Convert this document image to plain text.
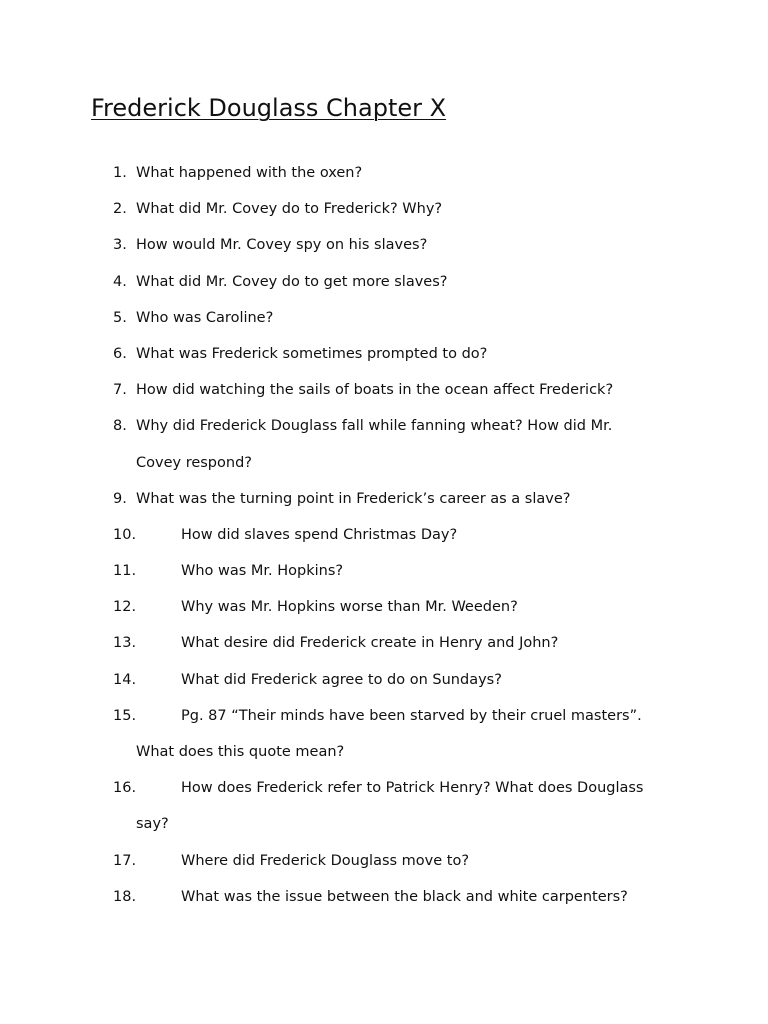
Frederick Douglass Chapter X
1. What happened with the oxen?
2. What did Mr. Covey do to Frederick? Why?
3. How would Mr. Covey spy on his slaves?
4. What did Mr. Covey do to get more slaves?
5. Who was Caroline?
6. What was Frederick sometimes prompted to do?
7. How did watching the sails of boats in the ocean affect Frederick?
8. Why did Frederick Douglass fall while fanning wheat? How did Mr.
Covey respond?
9. What was the turning point in Frederick’s career as a slave?
10.	How did slaves spend Christmas Day?
11.	Who was Mr. Hopkins?
12.	Why was Mr. Hopkins worse than Mr. Weeden?
13.	What desire did Frederick create in Henry and John?
14.	What did Frederick agree to do on Sundays?
15.	Pg. 87 “Their minds have been starved by their cruel masters”.
What does this quote mean?
16.	How does Frederick refer to Patrick Henry? What does Douglass
say?
17.	Where did Frederick Douglass move to?
18.	What was the issue between the black and white carpenters?
